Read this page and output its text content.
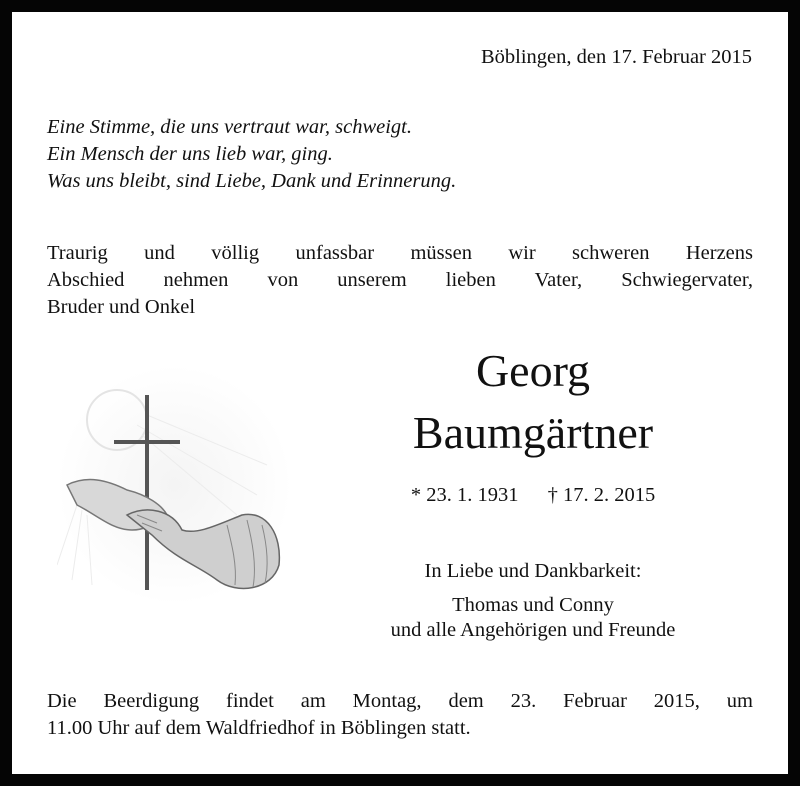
Böblingen, den 17. Februar 2015
Eine Stimme, die uns vertraut war, schweigt.
Ein Mensch der uns lieb war, ging.
Was uns bleibt, sind Liebe, Dank und Erinnerung.
Traurig und völlig unfassbar müssen wir schweren Herzens
Abschied nehmen von unserem lieben Vater, Schwiegervater,
Bruder und Onkel
Georg
Baumgärtner
* 23. 1. 1931 † 17. 2. 2015
In Liebe und Dankbarkeit:
Thomas und Conny
und alle Angehörigen und Freunde
Die Beerdigung findet am Montag, dem 23. Februar 2015, um
11.00 Uhr auf dem Waldfriedhof in Böblingen statt.
